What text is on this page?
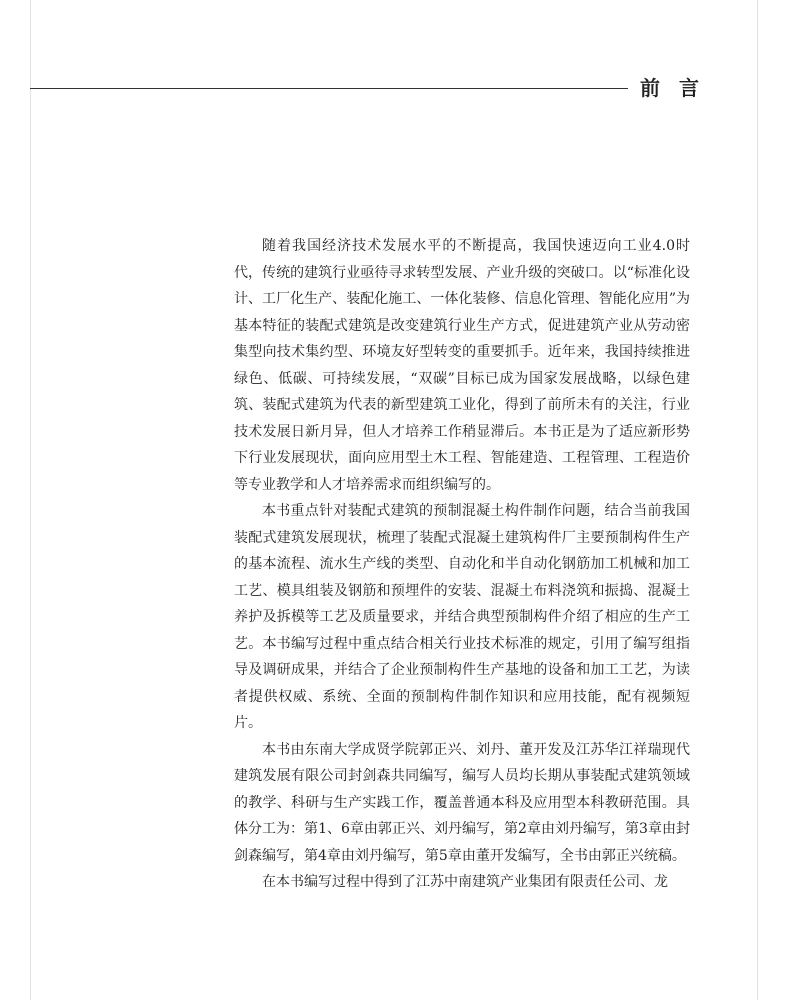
前 言

随着我国经济技术发展水平的不断提高，我国快速迈向工业4.0时代，传统的建筑行业亟待寻求转型发展、产业升级的突破口。以“标准化设计、工厂化生产、装配化施工、一体化装修、信息化管理、智能化应用”为基本特征的装配式建筑是改变建筑行业生产方式，促进建筑产业从劳动密集型向技术集约型、环境友好型转变的重要抓手。近年来，我国持续推进绿色、低碳、可持续发展，“双碳”目标已成为国家发展战略，以绿色建筑、装配式建筑为代表的新型建筑工业化，得到了前所未有的关注，行业技术发展日新月异，但人才培养工作稍显滞后。本书正是为了适应新形势下行业发展现状，面向应用型土木工程、智能建造、工程管理、工程造价等专业教学和人才培养需求而组织编写的。

本书重点针对装配式建筑的预制混凝土构件制作问题，结合当前我国装配式建筑发展现状，梳理了装配式混凝土建筑构件厂主要预制构件生产的基本流程、流水生产线的类型、自动化和半自动化钢筋加工机械和加工工艺、模具组装及钢筋和预埋件的安装、混凝土布料浇筑和振捣、混凝土养护及拆模等工艺及质量要求，并结合典型预制构件介绍了相应的生产工艺。本书编写过程中重点结合相关行业技术标准的规定，引用了编写组指导及调研成果，并结合了企业预制构件生产基地的设备和加工工艺，为读者提供权威、系统、全面的预制构件制作知识和应用技能，配有视频短片。

本书由东南大学成贤学院郭正兴、刘丹、董开发及江苏华江祥瑞现代建筑发展有限公司封剑森共同编写，编写人员均长期从事装配式建筑领域的教学、科研与生产实践工作，覆盖普通本科及应用型本科教研范围。具体分工为：第1、6章由郭正兴、刘丹编写，第2章由刘丹编写，第3章由封剑森编写，第4章由刘丹编写，第5章由董开发编写，全书由郭正兴统稿。

在本书编写过程中得到了江苏中南建筑产业集团有限责任公司、龙
